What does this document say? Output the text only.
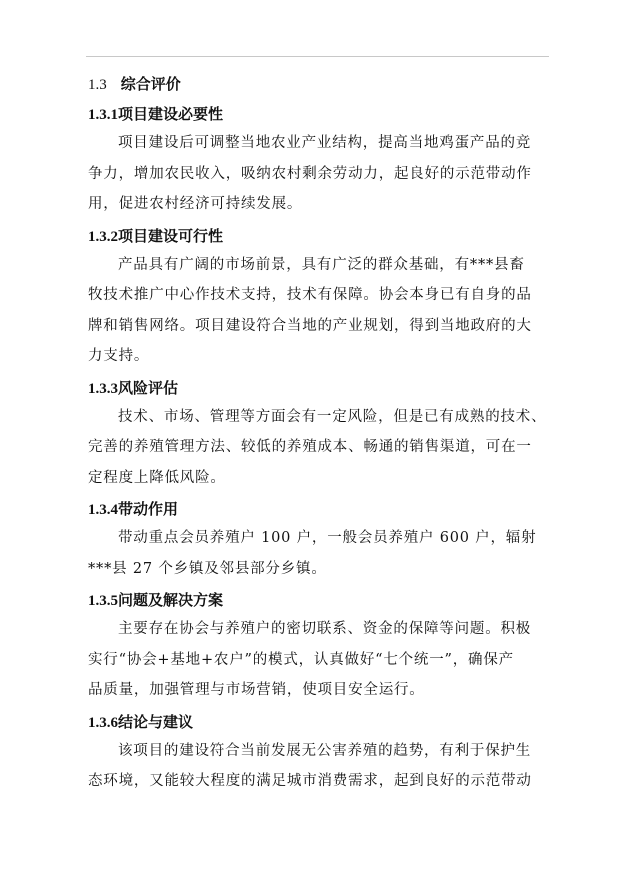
1.3 综合评价
1.3.1项目建设必要性
项目建设后可调整当地农业产业结构，提高当地鸡蛋产品的竞
争力，增加农民收入，吸纳农村剩余劳动力，起良好的示范带动作
用，促进农村经济可持续发展。
1.3.2项目建设可行性
产品具有广阔的市场前景，具有广泛的群众基础，有***县畜
牧技术推广中心作技术支持，技术有保障。协会本身已有自身的品
牌和销售网络。项目建设符合当地的产业规划，得到当地政府的大
力支持。
1.3.3风险评估
技术、市场、管理等方面会有一定风险，但是已有成熟的技术、
完善的养殖管理方法、较低的养殖成本、畅通的销售渠道，可在一
定程度上降低风险。
1.3.4带动作用
带动重点会员养殖户 100 户，一般会员养殖户 600 户，辐射
***县 27 个乡镇及邻县部分乡镇。
1.3.5问题及解决方案
主要存在协会与养殖户的密切联系、资金的保障等问题。积极
实行“协会+基地+农户”的模式，认真做好“七个统一”，确保产
品质量，加强管理与市场营销，使项目安全运行。
1.3.6结论与建议
该项目的建设符合当前发展无公害养殖的趋势，有利于保护生
态环境，又能较大程度的满足城市消费需求，起到良好的示范带动
